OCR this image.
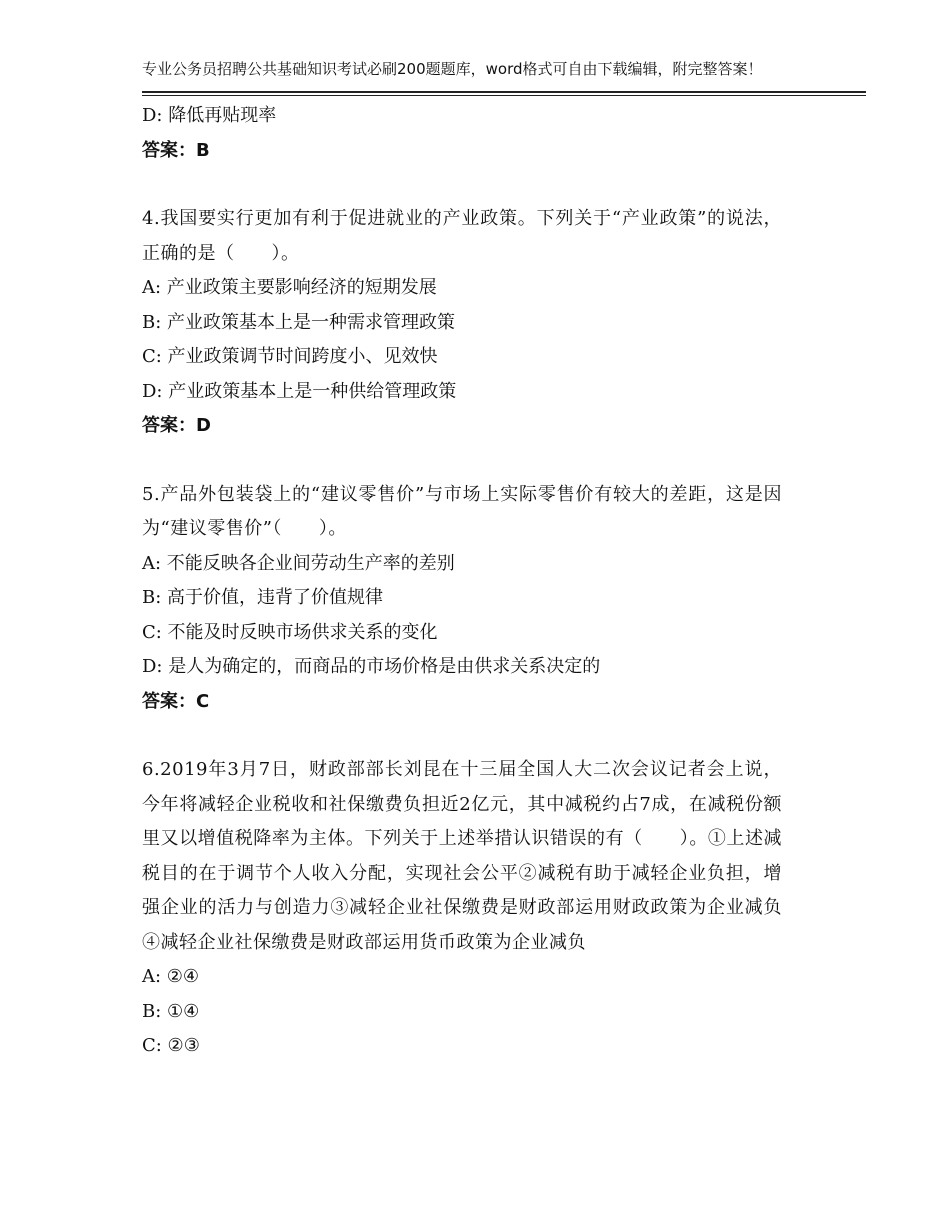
专业公务员招聘公共基础知识考试必刷200题题库，word格式可自由下载编辑，附完整答案！
D: 降低再贴现率
答案：B
4.我国要实行更加有利于促进就业的产业政策。下列关于“产业政策”的说法，正确的是（　　）。
A: 产业政策主要影响经济的短期发展
B: 产业政策基本上是一种需求管理政策
C: 产业政策调节时间跨度小、见效快
D: 产业政策基本上是一种供给管理政策
答案：D
5.产品外包装袋上的“建议零售价”与市场上实际零售价有较大的差距，这是因为“建议零售价”（　　）。
A: 不能反映各企业间劳动生产率的差别
B: 高于价值，违背了价值规律
C: 不能及时反映市场供求关系的变化
D: 是人为确定的，而商品的市场价格是由供求关系决定的
答案：C
6.2019年3月7日，财政部部长刘昆在十三届全国人大二次会议记者会上说，今年将减轻企业税收和社保缴费负担近2亿元，其中减税约占7成，在减税份额里又以增值税降率为主体。下列关于上述举措认识错误的有（　　）。①上述减税目的在于调节个人收入分配，实现社会公平②减税有助于减轻企业负担，增强企业的活力与创造力③减轻企业社保缴费是财政部运用财政政策为企业减负④减轻企业社保缴费是财政部运用货币政策为企业减负
A: ②④
B: ①④
C: ②③
